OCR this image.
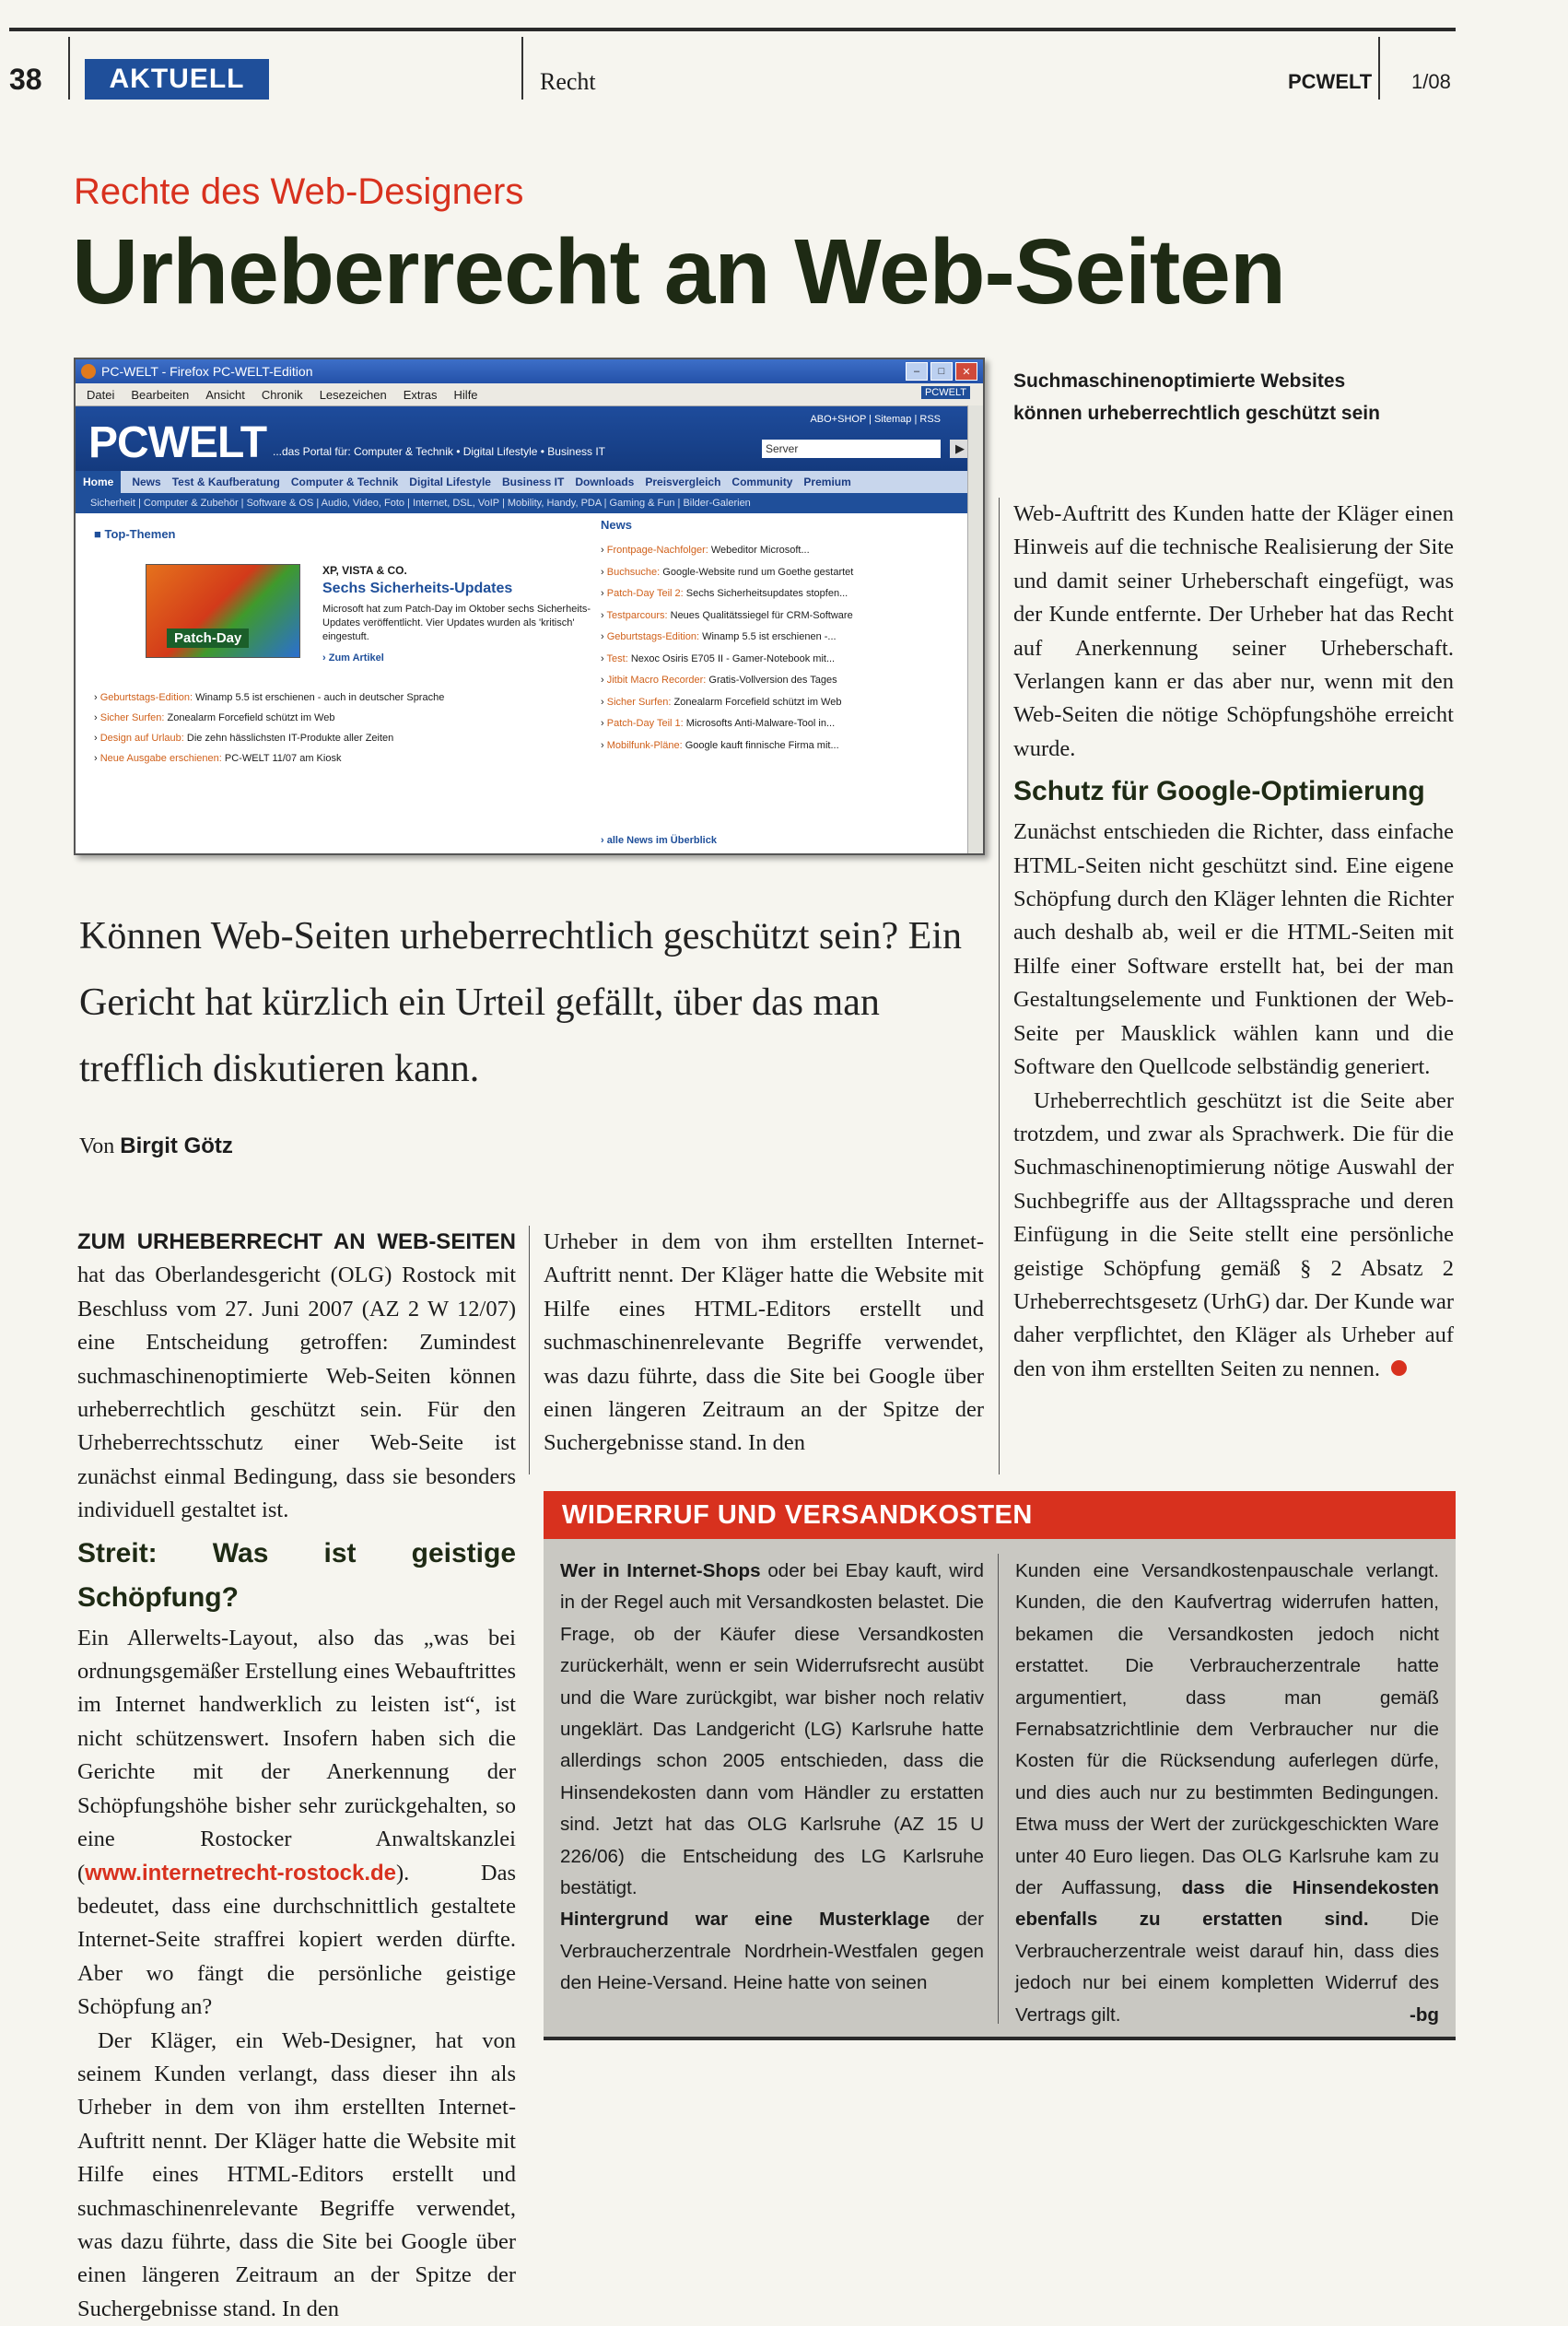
38	AKTUELL	Recht	PCWELT 1/08
Rechte des Web-Designers
Urheberrecht an Web-Seiten
PC-WELT - Firefox PC-WELT-Edition	–	□	✕
Datei Bearbeiten Ansicht Chronik Lesezeichen Extras Hilfe	PCWELT
PCWELT ...das Portal für: Computer & Technik • Digital Lifestyle • Business IT
ABO+SHOP | Sitemap | RSS
Server	▶
Home	News Test & Kaufberatung Computer & Technik Digital Lifestyle Business IT Downloads Preisvergleich Community Premium
Sicherheit | Computer & Zubehör | Software & OS | Audio, Video, Foto | Internet, DSL, VoIP | Mobility, Handy, PDA | Gaming & Fun | Bilder-Galerien
■ Top-Themen
Patch-Day
XP, VISTA & CO.
Sechs Sicherheits-Updates
Microsoft hat zum Patch-Day im Oktober sechs Sicherheits-Updates veröffentlicht. Vier Updates wurden als 'kritisch' eingestuft.
› Zum Artikel
› Geburtstags-Edition: Winamp 5.5 ist erschienen - auch in deutscher Sprache
› Sicher Surfen: Zonealarm Forcefield schützt im Web
› Design auf Urlaub: Die zehn hässlichsten IT-Produkte aller Zeiten
› Neue Ausgabe erschienen: PC-WELT 11/07 am Kiosk
News
› Frontpage-Nachfolger: Webeditor Microsoft...
› Buchsuche: Google-Website rund um Goethe gestartet
› Patch-Day Teil 2: Sechs Sicherheitsupdates stopfen...
› Testparcours: Neues Qualitätssiegel für CRM-Software
› Geburtstags-Edition: Winamp 5.5 ist erschienen -...
› Test: Nexoc Osiris E705 II - Gamer-Notebook mit...
› Jitbit Macro Recorder: Gratis-Vollversion des Tages
› Sicher Surfen: Zonealarm Forcefield schützt im Web
› Patch-Day Teil 1: Microsofts Anti-Malware-Tool in...
› Mobilfunk-Pläne: Google kauft finnische Firma mit...
› alle News im Überblick
Suchmaschinenoptimierte Websites
können urheberrechtlich geschützt sein
Können Web-Seiten urheberrechtlich geschützt sein? Ein Gericht hat kürzlich ein Urteil gefällt, über das man trefflich diskutieren kann.
Von Birgit Götz

ZUM URHEBERRECHT AN WEB-SEITEN hat das Oberlandesgericht (OLG) Rostock mit Beschluss vom 27. Juni 2007 (AZ 2 W 12/07) eine Entscheidung getroffen: Zumindest suchmaschinenoptimierte Web-Seiten können urheberrechtlich geschützt sein. Für den Urheberrechtsschutz einer Web-Seite ist zunächst einmal Bedingung, dass sie besonders individuell gestaltet ist.

Streit: Was ist geistige Schöpfung?

Ein Allerwelts-Layout, also das „was bei ordnungsgemäßer Erstellung eines Webauftrittes im Internet handwerklich zu leisten ist“, ist nicht schützenswert. Insofern haben sich die Gerichte mit der Anerkennung der Schöpfungshöhe bisher sehr zurückgehalten, so eine Rostocker Anwaltskanzlei (www.internetrecht-rostock.de). Das bedeutet, dass eine durchschnittlich gestaltete Internet-Seite straffrei kopiert werden dürfte. Aber wo fängt die persönliche geistige Schöpfung an?

Der Kläger, ein Web-Designer, hat von seinem Kunden verlangt, dass dieser ihn als Urheber in dem von ihm erstellten Internet-Auftritt nennt. Der Kläger hatte die Website mit Hilfe eines HTML-Editors erstellt und suchmaschinenrelevante Begriffe verwendet, was dazu führte, dass die Site bei Google über einen längeren Zeitraum an der Spitze der Suchergebnisse stand. In den

Urheber in dem von ihm erstellten Internet-Auftritt nennt. Der Kläger hatte die Website mit Hilfe eines HTML-Editors erstellt und suchmaschinenrelevante Begriffe verwendet, was dazu führte, dass die Site bei Google über einen längeren Zeitraum an der Spitze der Suchergebnisse stand. In den

Web-Auftritt des Kunden hatte der Kläger einen Hinweis auf die technische Realisierung der Site und damit seiner Urheberschaft eingefügt, was der Kunde entfernte. Der Urheber hat das Recht auf Anerkennung seiner Urheberschaft. Verlangen kann er das aber nur, wenn mit den Web-Seiten die nötige Schöpfungshöhe erreicht wurde.

Schutz für Google-Optimierung

Zunächst entschieden die Richter, dass einfache HTML-Seiten nicht geschützt sind. Eine eigene Schöpfung durch den Kläger lehnten die Richter auch deshalb ab, weil er die HTML-Seiten mit Hilfe einer Software erstellt hat, bei der man Gestaltungselemente und Funktionen der Web-Seite per Mausklick wählen kann und die Software den Quellcode selbständig generiert.

Urheberrechtlich geschützt ist die Seite aber trotzdem, und zwar als Sprachwerk. Die für die Suchmaschinenoptimierung nötige Auswahl der Suchbegriffe aus der Alltagssprache und deren Einfügung in die Seite stellt eine persönliche geistige Schöpfung gemäß § 2 Absatz 2 Urheberrechtsgesetz (UrhG) dar. Der Kunde war daher verpflichtet, den Kläger als Urheber auf den von ihm erstellten Seiten zu nennen.

WIDERRUF UND VERSANDKOSTEN
Wer in Internet-Shops oder bei Ebay kauft, wird in der Regel auch mit Versandkosten belastet. Die Frage, ob der Käufer diese Versandkosten zurückerhält, wenn er sein Widerrufsrecht ausübt und die Ware zurückgibt, war bisher noch relativ ungeklärt. Das Landgericht (LG) Karlsruhe hatte allerdings schon 2005 entschieden, dass die Hinsendekosten dann vom Händler zu erstatten sind. Jetzt hat das OLG Karlsruhe (AZ 15 U 226/06) die Entscheidung des LG Karlsruhe bestätigt.
Hintergrund war eine Musterklage der Verbraucherzentrale Nordrhein-Westfalen gegen den Heine-Versand. Heine hatte von seinen
Kunden eine Versandkostenpauschale verlangt. Kunden, die den Kaufvertrag widerrufen hatten, bekamen die Versandkosten jedoch nicht erstattet. Die Verbraucherzentrale hatte argumentiert, dass man gemäß Fernabsatzrichtlinie dem Verbraucher nur die Kosten für die Rücksendung auferlegen dürfe, und dies auch nur zu bestimmten Bedingungen. Etwa muss der Wert der zurückgeschickten Ware unter 40 Euro liegen. Das OLG Karlsruhe kam zu der Auffassung, dass die Hinsendekosten ebenfalls zu erstatten sind. Die Verbraucherzentrale weist darauf hin, dass dies jedoch nur bei einem kompletten Widerruf des Vertrags gilt.	-bg
